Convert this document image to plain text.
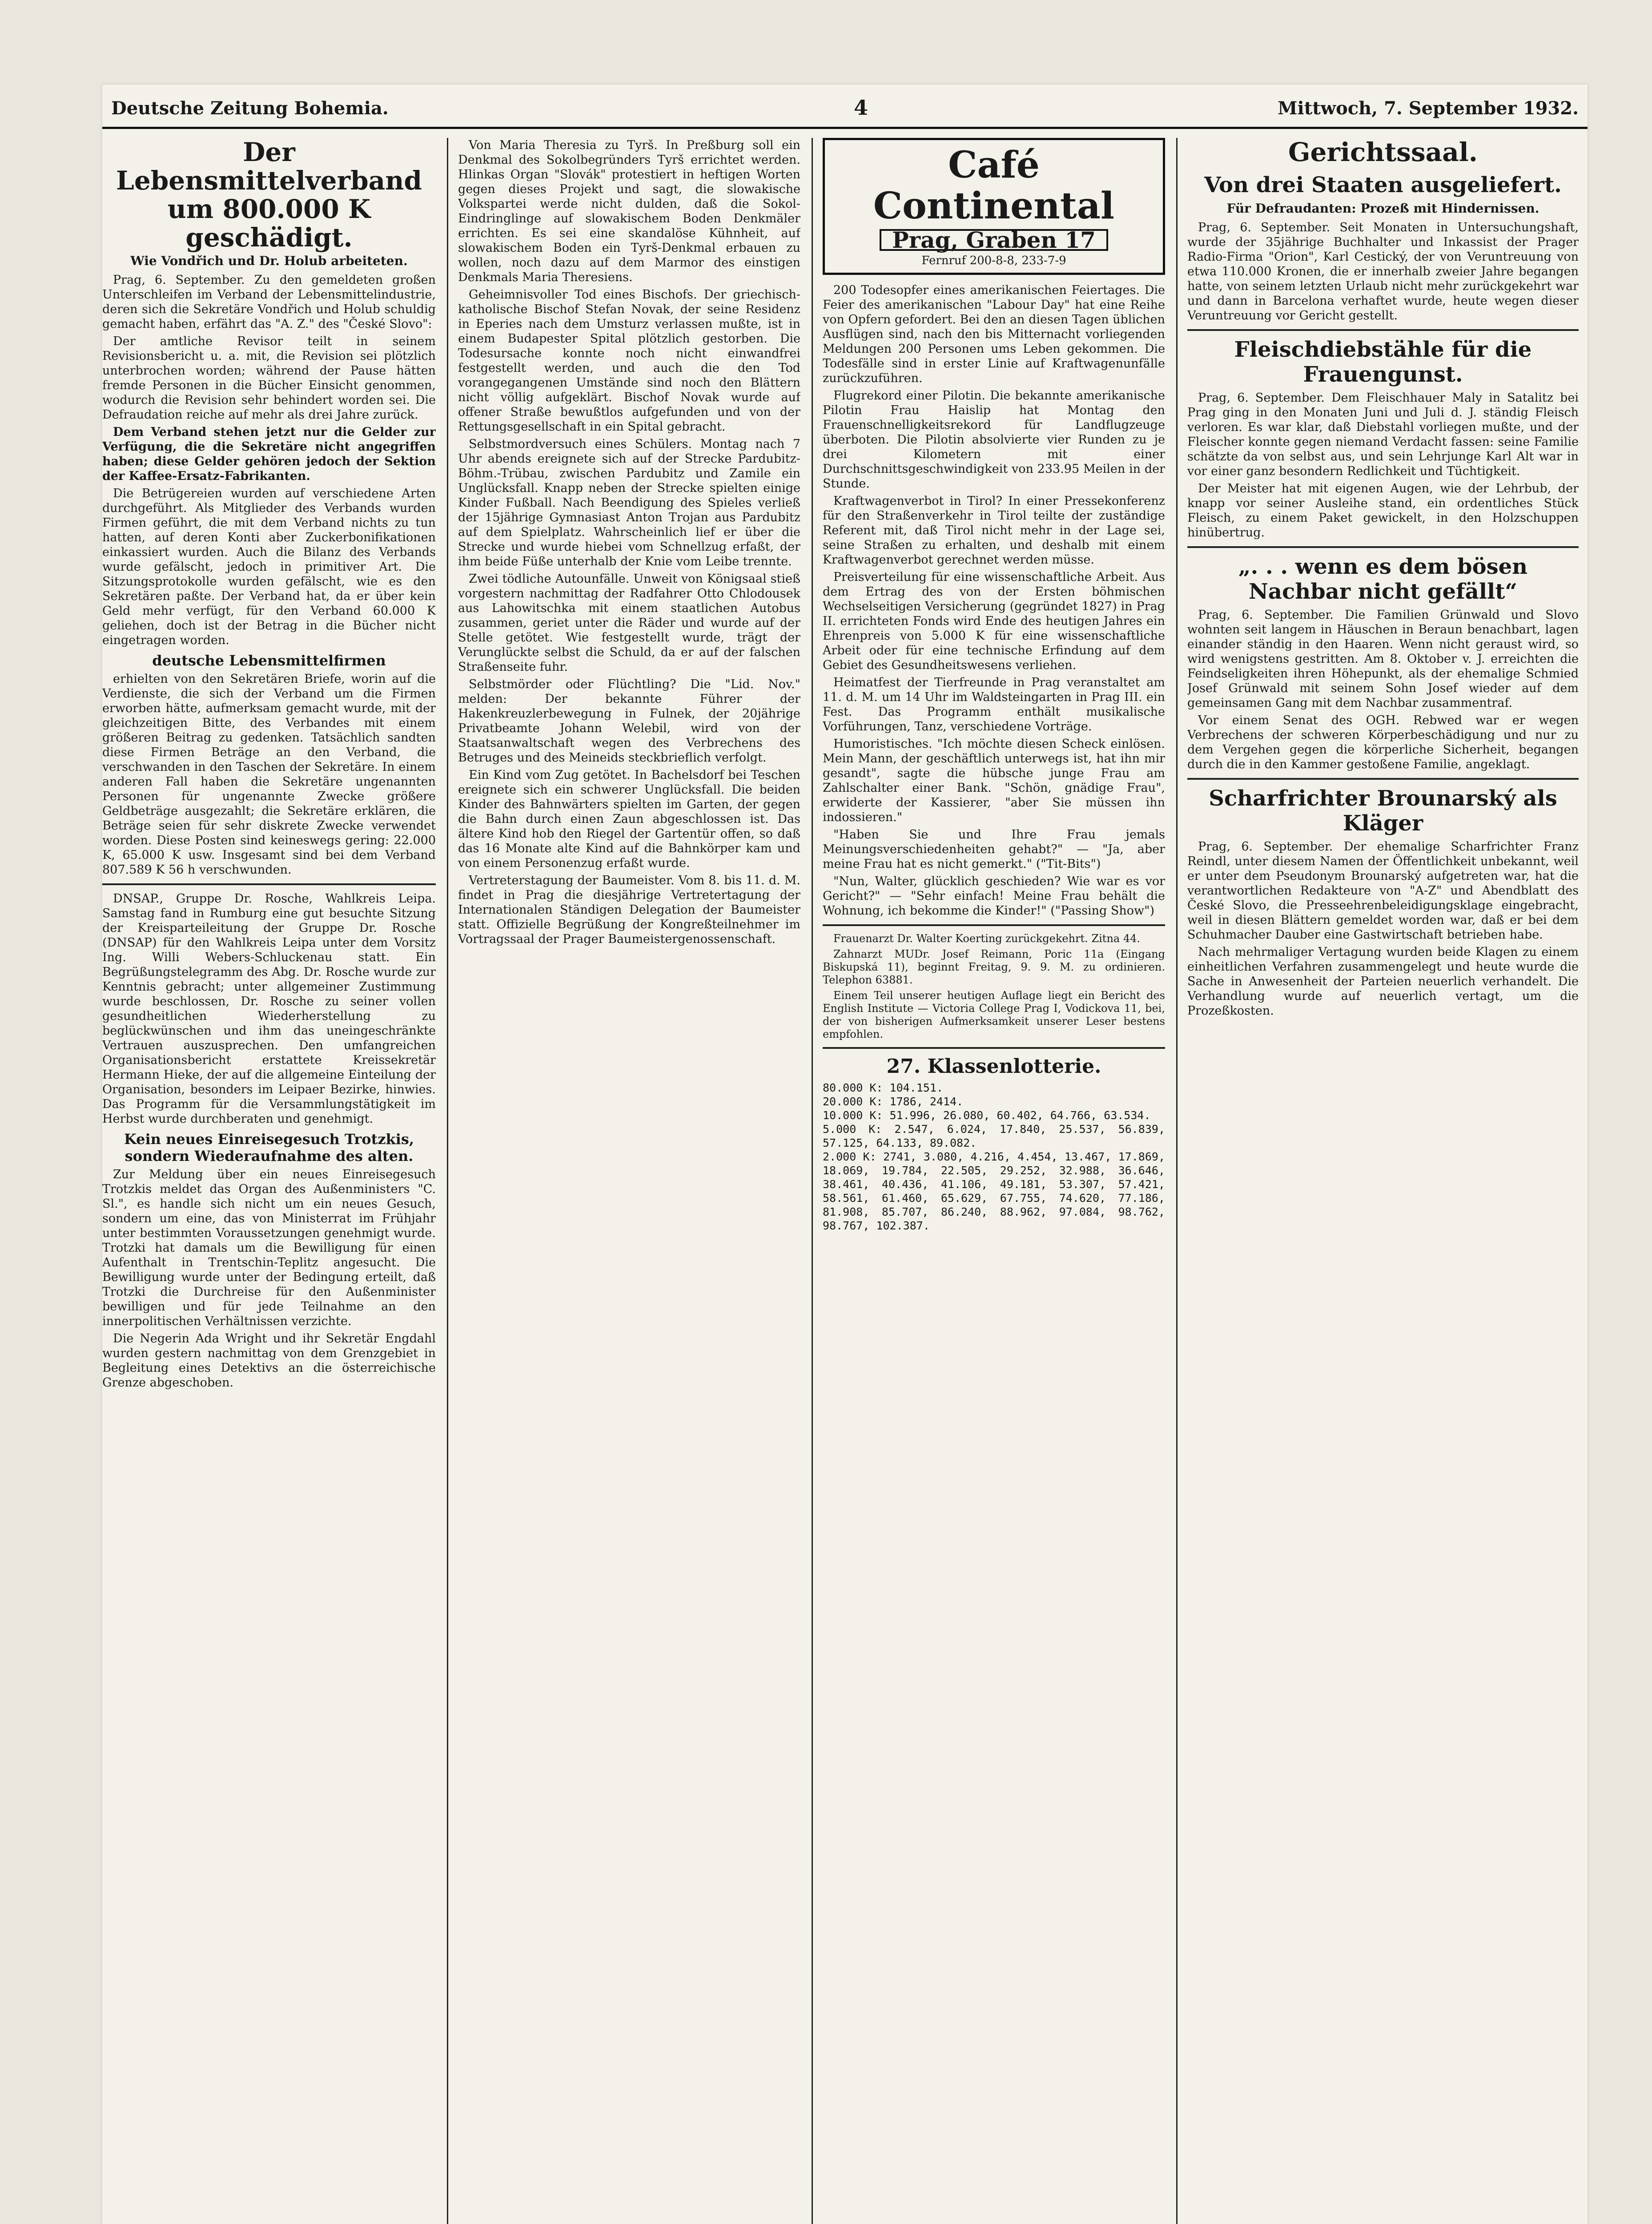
Deutsche Zeitung Bohemia.	4	Mittwoch, 7. September 1932.
Der Lebensmittelverband um 800.000 K geschädigt.
Wie Vondřich und Dr. Holub arbeiteten.

Prag, 6. September. Zu den gemeldeten großen Unterschleifen im Verband der Lebensmittelindustrie, deren sich die Sekretäre Vondřich und Holub schuldig gemacht haben, erfährt das "A. Z." des "České Slovo":

Der amtliche Revisor teilt in seinem Revisionsbericht u. a. mit, die Revision sei plötzlich unterbrochen worden; während der Pause hätten fremde Personen in die Bücher Einsicht genommen, wodurch die Revision sehr behindert worden sei. Die Defraudation reiche auf mehr als drei Jahre zurück.

Dem Verband stehen jetzt nur die Gelder zur Verfügung, die die Sekretäre nicht angegriffen haben; diese Gelder gehören jedoch der Sektion der Kaffee-Ersatz-Fabrikanten.

Die Betrügereien wurden auf verschiedene Arten durchgeführt. Als Mitglieder des Verbands wurden Firmen geführt, die mit dem Verband nichts zu tun hatten, auf deren Konti aber Zuckerbonifikationen einkassiert wurden. Auch die Bilanz des Verbands wurde gefälscht, jedoch in primitiver Art. Die Sitzungsprotokolle wurden gefälscht, wie es den Sekretären paßte. Der Verband hat, da er über kein Geld mehr verfügt, für den Verband 60.000 K geliehen, doch ist der Betrag in die Bücher nicht eingetragen worden.

deutsche Lebensmittelfirmen

erhielten von den Sekretären Briefe, worin auf die Verdienste, die sich der Verband um die Firmen erworben hätte, aufmerksam gemacht wurde, mit der gleichzeitigen Bitte, des Verbandes mit einem größeren Beitrag zu gedenken. Tatsächlich sandten diese Firmen Beträge an den Verband, die verschwanden in den Taschen der Sekretäre. In einem anderen Fall haben die Sekretäre ungenannten Personen für ungenannte Zwecke größere Geldbeträge ausgezahlt; die Sekretäre erklären, die Beträge seien für sehr diskrete Zwecke verwendet worden. Diese Posten sind keineswegs gering: 22.000 K, 65.000 K usw. Insgesamt sind bei dem Verband 807.589 K 56 h verschwunden.

DNSAP., Gruppe Dr. Rosche, Wahlkreis Leipa. Samstag fand in Rumburg eine gut besuchte Sitzung der Kreisparteileitung der Gruppe Dr. Rosche (DNSAP) für den Wahlkreis Leipa unter dem Vorsitz Ing. Willi Webers-Schluckenau statt. Ein Begrüßungstelegramm des Abg. Dr. Rosche wurde zur Kenntnis gebracht; unter allgemeiner Zustimmung wurde beschlossen, Dr. Rosche zu seiner vollen gesundheitlichen Wiederherstellung zu beglückwünschen und ihm das uneingeschränkte Vertrauen auszusprechen. Den umfangreichen Organisationsbericht erstattete Kreissekretär Hermann Hieke, der auf die allgemeine Einteilung der Organisation, besonders im Leipaer Bezirke, hinwies. Das Programm für die Versammlungstätigkeit im Herbst wurde durchberaten und genehmigt.

Kein neues Einreisegesuch Trotzkis, sondern Wiederaufnahme des alten.

Zur Meldung über ein neues Einreisegesuch Trotzkis meldet das Organ des Außenministers "C. Sl.", es handle sich nicht um ein neues Gesuch, sondern um eine, das von Ministerrat im Frühjahr unter bestimmten Voraussetzungen genehmigt wurde. Trotzki hat damals um die Bewilligung für einen Aufenthalt in Trentschin-Teplitz angesucht. Die Bewilligung wurde unter der Bedingung erteilt, daß Trotzki die Durchreise für den Außenminister bewilligen und für jede Teilnahme an den innerpolitischen Verhältnissen verzichte.

Die Negerin Ada Wright und ihr Sekretär Engdahl wurden gestern nachmittag von dem Grenzgebiet in Begleitung eines Detektivs an die österreichische Grenze abgeschoben.

Von Maria Theresia zu Tyrš. In Preßburg soll ein Denkmal des Sokolbegründers Tyrš errichtet werden. Hlinkas Organ "Slovák" protestiert in heftigen Worten gegen dieses Projekt und sagt, die slowakische Volkspartei werde nicht dulden, daß die Sokol-Eindringlinge auf slowakischem Boden Denkmäler errichten. Es sei eine skandalöse Kühnheit, auf slowakischem Boden ein Tyrš-Denkmal erbauen zu wollen, noch dazu auf dem Marmor des einstigen Denkmals Maria Theresiens.

Geheimnisvoller Tod eines Bischofs. Der griechisch-katholische Bischof Stefan Novak, der seine Residenz in Eperies nach dem Umsturz verlassen mußte, ist in einem Budapester Spital plötzlich gestorben. Die Todesursache konnte noch nicht einwandfrei festgestellt werden, und auch die den Tod vorangegangenen Umstände sind noch den Blättern nicht völlig aufgeklärt. Bischof Novak wurde auf offener Straße bewußtlos aufgefunden und von der Rettungsgesellschaft in ein Spital gebracht.

Selbstmordversuch eines Schülers. Montag nach 7 Uhr abends ereignete sich auf der Strecke Pardubitz-Böhm.-Trübau, zwischen Pardubitz und Zamile ein Unglücksfall. Knapp neben der Strecke spielten einige Kinder Fußball. Nach Beendigung des Spieles verließ der 15jährige Gymnasiast Anton Trojan aus Pardubitz auf dem Spielplatz. Wahrscheinlich lief er über die Strecke und wurde hiebei vom Schnellzug erfaßt, der ihm beide Füße unterhalb der Knie vom Leibe trennte.

Zwei tödliche Autounfälle. Unweit von Königsaal stieß vorgestern nachmittag der Radfahrer Otto Chlodousek aus Lahowitschka mit einem staatlichen Autobus zusammen, geriet unter die Räder und wurde auf der Stelle getötet. Wie festgestellt wurde, trägt der Verunglückte selbst die Schuld, da er auf der falschen Straßenseite fuhr.

Selbstmörder oder Flüchtling? Die "Lid. Nov." melden: Der bekannte Führer der Hakenkreuzlerbewegung in Fulnek, der 20jährige Privatbeamte Johann Welebil, wird von der Staatsanwaltschaft wegen des Verbrechens des Betruges und des Meineids steckbrieflich verfolgt.

Ein Kind vom Zug getötet. In Bachelsdorf bei Teschen ereignete sich ein schwerer Unglücksfall. Die beiden Kinder des Bahnwärters spielten im Garten, der gegen die Bahn durch einen Zaun abgeschlossen ist. Das ältere Kind hob den Riegel der Gartentür offen, so daß das 16 Monate alte Kind auf die Bahnkörper kam und von einem Personenzug erfaßt wurde.

Vertreterstagung der Baumeister. Vom 8. bis 11. d. M. findet in Prag die diesjährige Vertretertagung der Internationalen Ständigen Delegation der Baumeister statt. Offizielle Begrüßung der Kongreßteilnehmer im Vortragssaal der Prager Baumeistergenossenschaft.

Café Continental
Prag, Graben 17
Fernruf 200-8-8, 233-7-9

200 Todesopfer eines amerikanischen Feiertages. Die Feier des amerikanischen "Labour Day" hat eine Reihe von Opfern gefordert. Bei den an diesen Tagen üblichen Ausflügen sind, nach den bis Mitternacht vorliegenden Meldungen 200 Personen ums Leben gekommen. Die Todesfälle sind in erster Linie auf Kraftwagenunfälle zurückzuführen.

Flugrekord einer Pilotin. Die bekannte amerikanische Pilotin Frau Haislip hat Montag den Frauenschnelligkeitsrekord für Landflugzeuge überboten. Die Pilotin absolvierte vier Runden zu je drei Kilometern mit einer Durchschnittsgeschwindigkeit von 233.95 Meilen in der Stunde.

Kraftwagenverbot in Tirol? In einer Pressekonferenz für den Straßenverkehr in Tirol teilte der zuständige Referent mit, daß Tirol nicht mehr in der Lage sei, seine Straßen zu erhalten, und deshalb mit einem Kraftwagenverbot gerechnet werden müsse.

Preisverteilung für eine wissenschaftliche Arbeit. Aus dem Ertrag des von der Ersten böhmischen Wechselseitigen Versicherung (gegründet 1827) in Prag II. errichteten Fonds wird Ende des heutigen Jahres ein Ehrenpreis von 5.000 K für eine wissenschaftliche Arbeit oder für eine technische Erfindung auf dem Gebiet des Gesundheitswesens verliehen.

Heimatfest der Tierfreunde in Prag veranstaltet am 11. d. M. um 14 Uhr im Waldsteingarten in Prag III. ein Fest. Das Programm enthält musikalische Vorführungen, Tanz, verschiedene Vorträge.

Humoristisches. "Ich möchte diesen Scheck einlösen. Mein Mann, der geschäftlich unterwegs ist, hat ihn mir gesandt", sagte die hübsche junge Frau am Zahlschalter einer Bank. "Schön, gnädige Frau", erwiderte der Kassierer, "aber Sie müssen ihn indossieren."

"Haben Sie und Ihre Frau jemals Meinungsverschiedenheiten gehabt?" — "Ja, aber meine Frau hat es nicht gemerkt." ("Tit-Bits")

"Nun, Walter, glücklich geschieden? Wie war es vor Gericht?" — "Sehr einfach! Meine Frau behält die Wohnung, ich bekomme die Kinder!" ("Passing Show")

Frauenarzt Dr. Walter Koerting zurückgekehrt. Zitna 44.

Zahnarzt MUDr. Josef Reimann, Poric 11a (Eingang Biskupská 11), beginnt Freitag, 9. 9. M. zu ordinieren. Telephon 63881.

Einem Teil unserer heutigen Auflage liegt ein Bericht des English Institute — Victoria College Prag I, Vodickova 11, bei, der von bisherigen Aufmerksamkeit unserer Leser bestens empfohlen.

27. Klassenlotterie.
80.000 K: 104.151.
20.000 K: 1786, 2414.
10.000 K: 51.996, 26.080, 60.402, 64.766, 63.534.
5.000 K: 2.547, 6.024, 17.840, 25.537, 56.839, 57.125, 64.133, 89.082.
2.000 K: 2741, 3.080, 4.216, 4.454, 13.467, 17.869, 18.069, 19.784, 22.505, 29.252, 32.988, 36.646, 38.461, 40.436, 41.106, 49.181, 53.307, 57.421, 58.561, 61.460, 65.629, 67.755, 74.620, 77.186, 81.908, 85.707, 86.240, 88.962, 97.084, 98.762, 98.767, 102.387.
Gerichtssaal.
Von drei Staaten ausgeliefert.
Für Defraudanten: Prozeß mit Hindernissen.

Prag, 6. September. Seit Monaten in Untersuchungshaft, wurde der 35jährige Buchhalter und Inkassist der Prager Radio-Firma "Orion", Karl Cestický, der von Veruntreuung von etwa 110.000 Kronen, die er innerhalb zweier Jahre begangen hatte, von seinem letzten Urlaub nicht mehr zurückgekehrt war und dann in Barcelona verhaftet wurde, heute wegen dieser Veruntreuung vor Gericht gestellt.

Fleischdiebstähle für die Frauengunst.

Prag, 6. September. Dem Fleischhauer Maly in Satalitz bei Prag ging in den Monaten Juni und Juli d. J. ständig Fleisch verloren. Es war klar, daß Diebstahl vorliegen mußte, und der Fleischer konnte gegen niemand Verdacht fassen: seine Familie schätzte da von selbst aus, und sein Lehrjunge Karl Alt war in vor einer ganz besondern Redlichkeit und Tüchtigkeit.

Der Meister hat mit eigenen Augen, wie der Lehrbub, der knapp vor seiner Ausleihe stand, ein ordentliches Stück Fleisch, zu einem Paket gewickelt, in den Holzschuppen hinübertrug.

„. . . wenn es dem bösen Nachbar nicht gefällt“

Prag, 6. September. Die Familien Grünwald und Slovo wohnten seit langem in Häuschen in Beraun benachbart, lagen einander ständig in den Haaren. Wenn nicht geraust wird, so wird wenigstens gestritten. Am 8. Oktober v. J. erreichten die Feindseligkeiten ihren Höhepunkt, als der ehemalige Schmied Josef Grünwald mit seinem Sohn Josef wieder auf dem gemeinsamen Gang mit dem Nachbar zusammentraf.

Vor einem Senat des OGH. Rebwed war er wegen Verbrechens der schweren Körperbeschädigung und nur zu dem Vergehen gegen die körperliche Sicherheit, begangen durch die in den Kammer gestoßene Familie, angeklagt.

Scharfrichter Brounarský als Kläger

Prag, 6. September. Der ehemalige Scharfrichter Franz Reindl, unter diesem Namen der Öffentlichkeit unbekannt, weil er unter dem Pseudonym Brounarský aufgetreten war, hat die verantwortlichen Redakteure von "A-Z" und Abendblatt des České Slovo, die Presseehrenbeleidigungsklage eingebracht, weil in diesen Blättern gemeldet worden war, daß er bei dem Schuhmacher Dauber eine Gastwirtschaft betrieben habe.

Nach mehrmaliger Vertagung wurden beide Klagen zu einem einheitlichen Verfahren zusammengelegt und heute wurde die Sache in Anwesenheit der Parteien neuerlich verhandelt. Die Verhandlung wurde auf neuerlich vertagt, um die Prozeßkosten.
